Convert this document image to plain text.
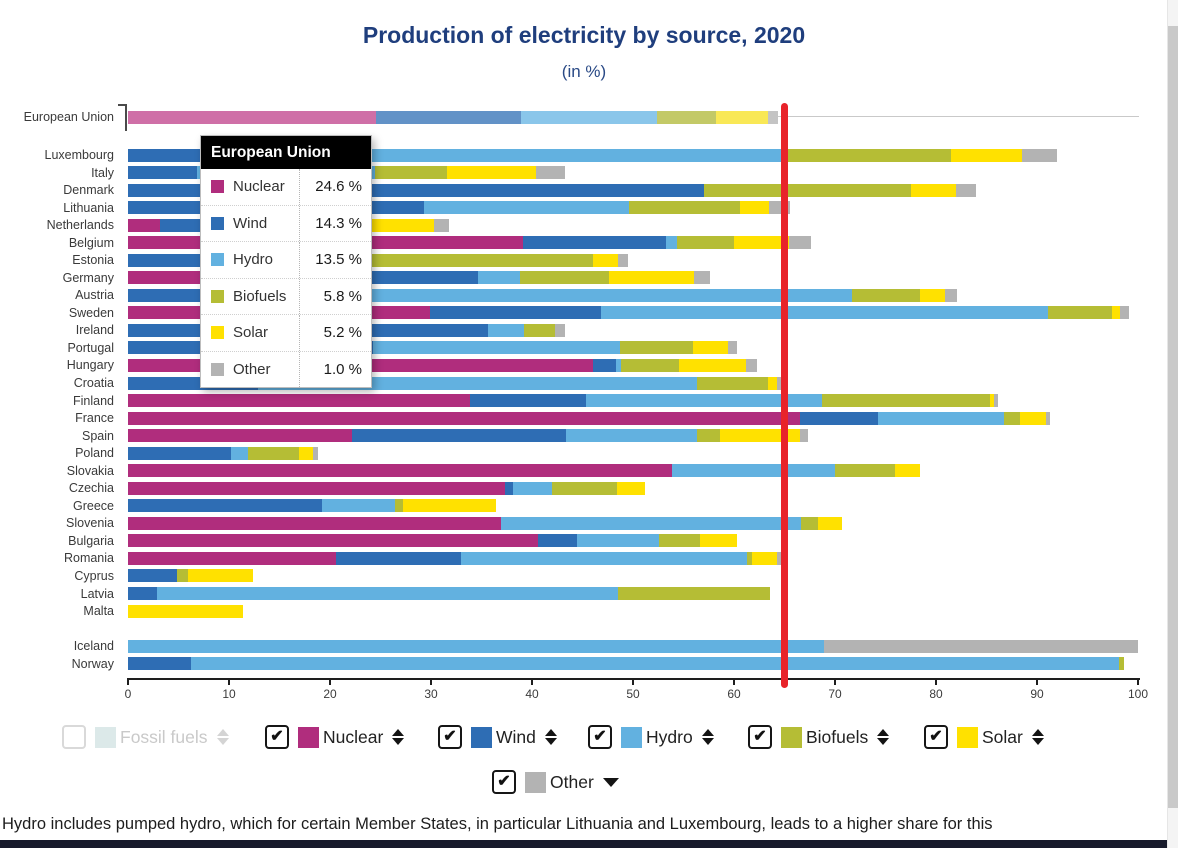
Production of electricity by source, 2020
(in %)
European Union
Luxembourg
Italy
Denmark
Lithuania
Netherlands
Belgium
Estonia
Germany
Austria
Sweden
Ireland
Portugal
Hungary
Croatia
Finland
France
Spain
Poland
Slovakia
Czechia
Greece
Slovenia
Bulgaria
Romania
Cyprus
Latvia
Malta
Iceland
Norway
0	10	20	30	40	50	60	70	80	90	100
European Union
Nuclear	24.6 %
Wind	14.3 %
Hydro	13.5 %
Biofuels	5.8 %
Solar	5.2 %
Other	1.0 %
Fossil fuels	✔ Nuclear	✔ Wind	✔ Hydro	✔ Biofuels	✔ Solar
✔ Other
Hydro includes pumped hydro, which for certain Member States, in particular Lithuania and Luxembourg, leads to a higher share for this
